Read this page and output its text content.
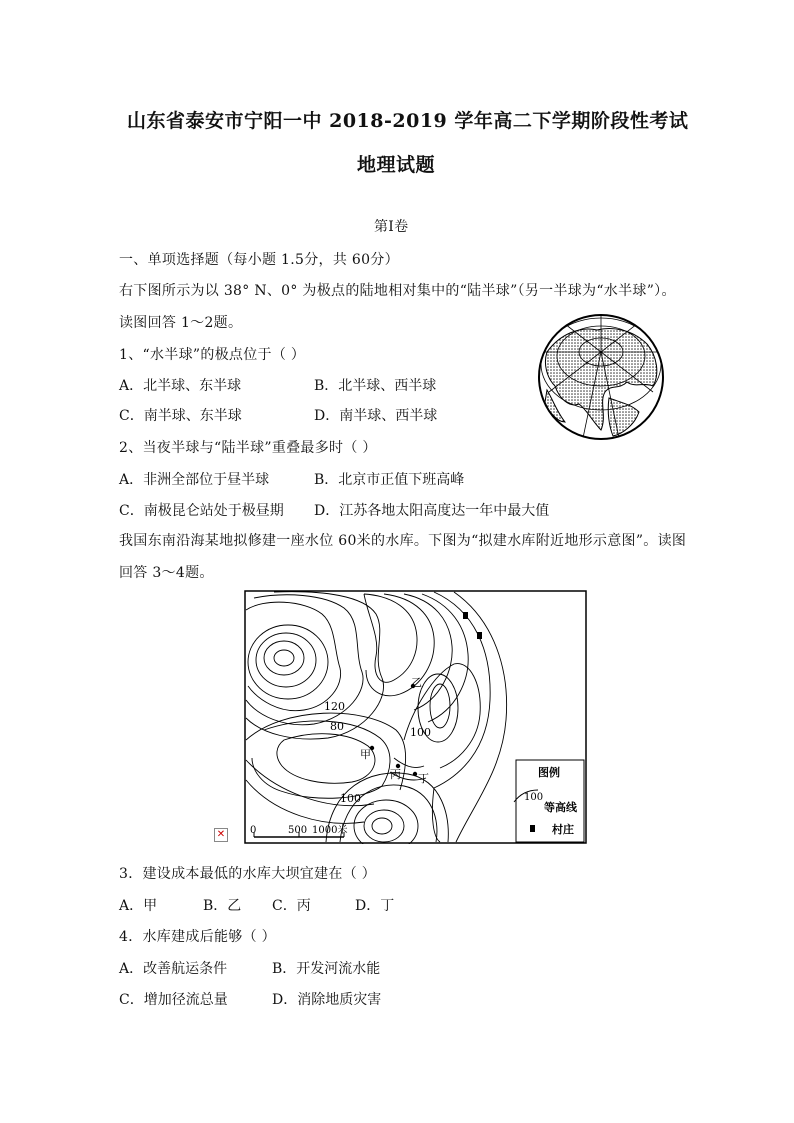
山东省泰安市宁阳一中 2018-2019 学年高二下学期阶段性考试
地理试题
第Ⅰ卷
一、单项选择题（每小题 1.5分，共 60分）
右下图所示为以 38° N、0° 为极点的陆地相对集中的“陆半球”（另一半球为“水半球”）。
读图回答 1～2题。
1、“水半球”的极点位于（ ）
A．北半球、东半球	B．北半球、西半球
C．南半球、东半球	D．南半球、西半球
2、当夜半球与“陆半球”重叠最多时（ ）
A．非洲全部位于昼半球	B．北京市正值下班高峰
C．南极昆仑站处于极昼期 D．江苏各地太阳高度达一年中最大值
我国东南沿海某地拟修建一座水位 60米的水库。下图为“拟建水库附近地形示意图”。读图
回答 3～4题。
甲
乙
丙 丁
120
80	100
100
0	500 1000米
图例
100
等高线
村庄
✕
3．建设成本最低的水库大坝宜建在（ ）
A．甲	B．乙 C．丙	D．丁
4．水库建成后能够（ ）
A．改善航运条件	B．开发河流水能
C．增加径流总量	D．消除地质灾害
